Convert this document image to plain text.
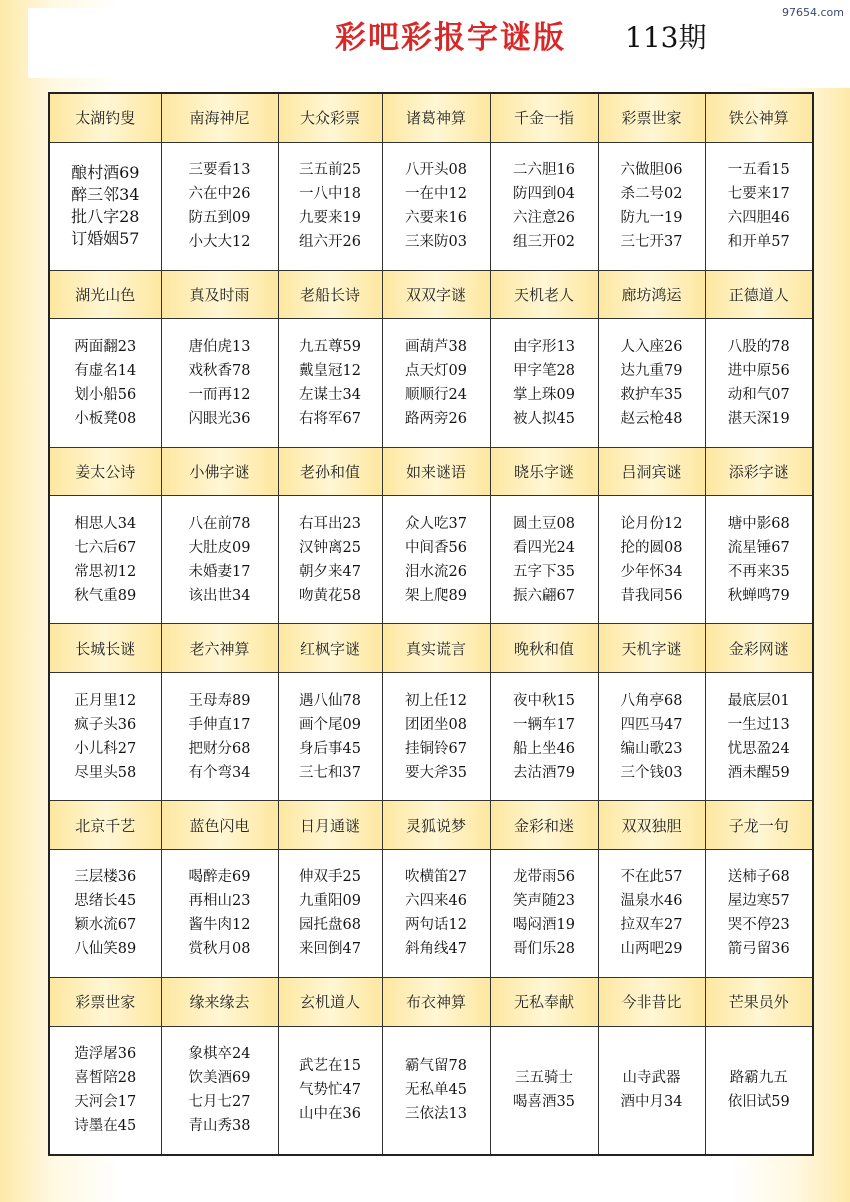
97654.com
彩吧彩报字谜版 113期
太湖钓叟	南海神尼	大众彩票	诸葛神算	千金一指	彩票世家	铁公神算

酿村酒69
醉三邻34
批八字28
订婚姻57	三要看13
六在中26
防五到09
小大大12	三五前25
一八中18
九要来19
组六开26	八开头08
一在中12
六要来16
三来防03	二六胆16
防四到04
六注意26
组三开02	六做胆06
杀二号02
防九一19
三七开37	一五看15
七要来17
六四胆46
和开单57

湖光山色	真及时雨	老船长诗	双双字谜	天机老人	廊坊鸿运	正德道人

两面翻23
有虚名14
划小船56
小板凳08	唐伯虎13
戏秋香78
一而再12
闪眼光36	九五尊59
戴皇冠12
左谋士34
右将军67	画葫芦38
点天灯09
顺顺行24
路两旁26	由字形13
甲字笔28
掌上珠09
被人拟45	人入座26
达九重79
救护车35
赵云枪48	八股的78
进中原56
动和气07
湛天深19

姜太公诗	小佛字谜	老孙和值	如来谜语	晓乐字谜	吕洞宾谜	添彩字谜

相思人34
七六后67
常思初12
秋气重89	八在前78
大肚皮09
未婚妻17
该出世34	右耳出23
汉钟离25
朝夕来47
吻黄花58	众人吃37
中间香56
泪水流26
架上爬89	圆土豆08
看四光24
五字下35
振六翩67	论月份12
抡的圆08
少年怀34
昔我同56	塘中影68
流星锤67
不再来35
秋蝉鸣79

长城长谜	老六神算	红枫字谜	真实谎言	晚秋和值	天机字谜	金彩网谜

正月里12
疯子头36
小儿科27
尽里头58	王母寿89
手伸直17
把财分68
有个弯34	遇八仙78
画个尾09
身后事45
三七和37	初上任12
团团坐08
挂铜铃67
要大斧35	夜中秋15
一辆车17
船上坐46
去沽酒79	八角亭68
四匹马47
编山歌23
三个钱03	最底层01
一生过13
忧思盈24
酒未醒59

北京千艺	蓝色闪电	日月通谜	灵狐说梦	金彩和迷	双双独胆	子龙一句

三层楼36
思绪长45
颖水流67
八仙笑89	喝醉走69
再相山23
酱牛肉12
赏秋月08	伸双手25
九重阳09
园托盘68
来回倒47	吹横笛27
六四来46
两句话12
斜角线47	龙带雨56
笑声随23
喝闷酒19
哥们乐28	不在此57
温泉水46
拉双车27
山两吧29	送柿子68
屋边寒57
哭不停23
箭弓留36

彩票世家	缘来缘去	玄机道人	布衣神算	无私奉献	今非昔比	芒果员外

造浮屠36
喜皙陪28
天河会17
诗墨在45	象棋卒24
饮美酒69
七月七27
青山秀38	武艺在15
气势忙47
山中在36	霸气留78
无私单45
三依法13	三五骑士
喝喜酒35	山寺武器
酒中月34	路霸九五
依旧试59
